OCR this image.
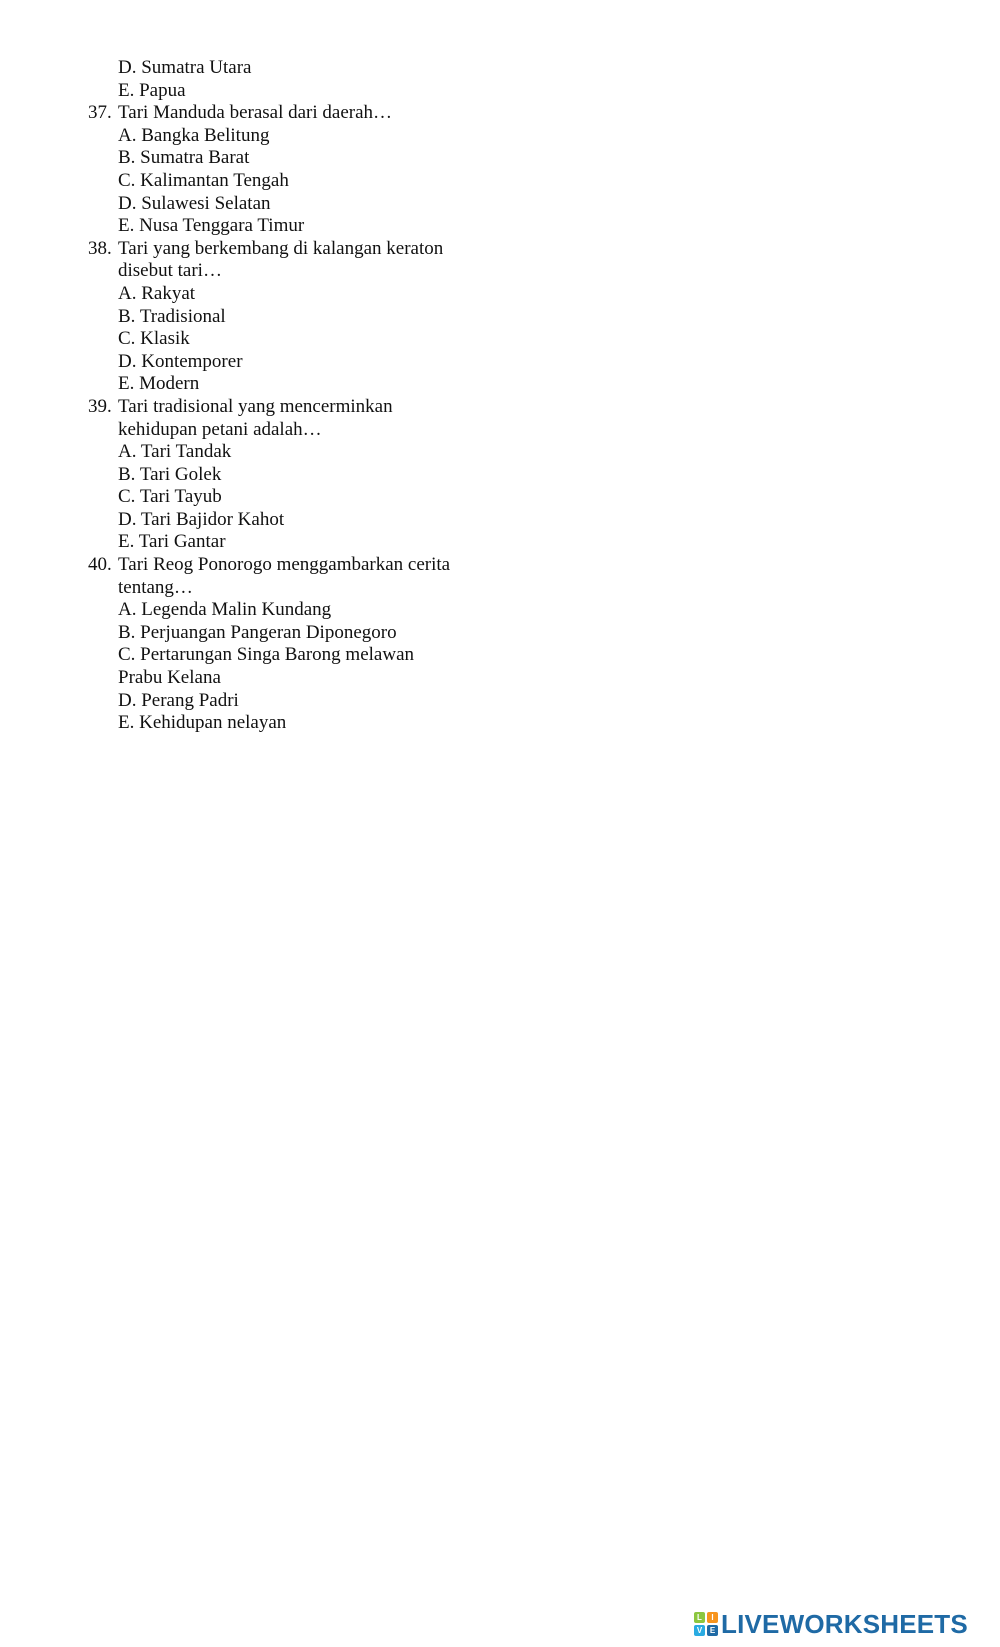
D. Sumatra Utara
E. Papua
37. Tari Manduda berasal dari daerah…
A. Bangka Belitung
B. Sumatra Barat
C. Kalimantan Tengah
D. Sulawesi Selatan
E. Nusa Tenggara Timur
38. Tari yang berkembang di kalangan keraton
disebut tari…
A. Rakyat
B. Tradisional
C. Klasik
D. Kontemporer
E. Modern
39. Tari tradisional yang mencerminkan
kehidupan petani adalah…
A. Tari Tandak
B. Tari Golek
C. Tari Tayub
D. Tari Bajidor Kahot
E. Tari Gantar
40. Tari Reog Ponorogo menggambarkan cerita
tentang…
A. Legenda Malin Kundang
B. Perjuangan Pangeran Diponegoro
C. Pertarungan Singa Barong melawan
Prabu Kelana
D. Perang Padri
E. Kehidupan nelayan
L	I
V E LIVEWORKSHEETS
